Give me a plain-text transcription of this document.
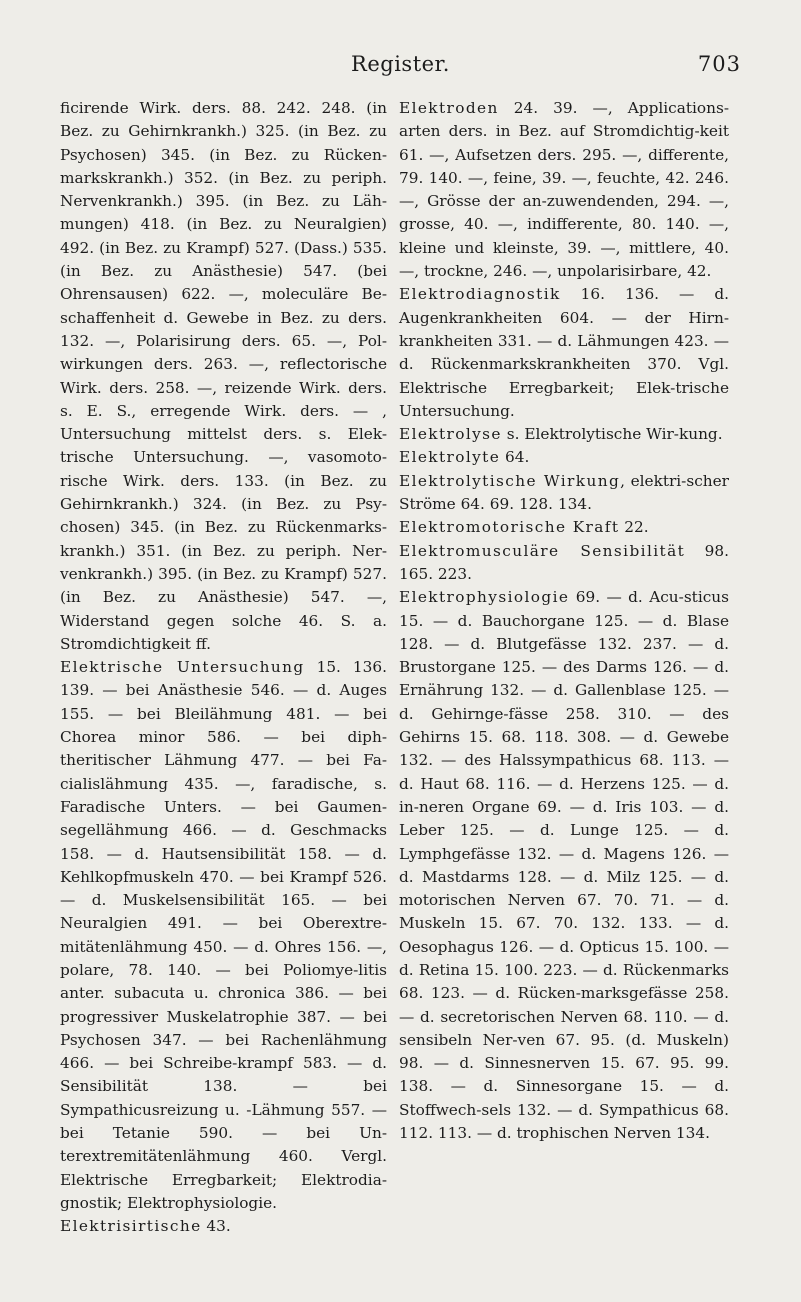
Register.	703

ficirende Wirk. ders. 88. 242. 248. (in Bez. zu Gehirnkrankh.) 325. (in Bez. zu Psychosen) 345. (in Bez. zu Rücken-markskrankh.) 352. (in Bez. zu periph. Nervenkrankh.) 395. (in Bez. zu Läh-mungen) 418. (in Bez. zu Neuralgien) 492. (in Bez. zu Krampf) 527. (Dass.) 535. (in Bez. zu Anästhesie) 547. (bei Ohrensausen) 622. —, moleculäre Be-schaffenheit d. Gewebe in Bez. zu ders. 132. —, Polarisirung ders. 65. —, Pol-wirkungen ders. 263. —, reflectorische Wirk. ders. 258. —, reizende Wirk. ders. s. E. S., erregende Wirk. ders. — , Untersuchung mittelst ders. s. Elek-trische Untersuchung. —, vasomoto-rische Wirk. ders. 133. (in Bez. zu Gehirnkrankh.) 324. (in Bez. zu Psy-chosen) 345. (in Bez. zu Rückenmarks-krankh.) 351. (in Bez. zu periph. Ner-venkrankh.) 395. (in Bez. zu Krampf) 527. (in Bez. zu Anästhesie) 547. —, Widerstand gegen solche 46. S. a. Stromdichtigkeit ff.

Elektrische Untersuchung 15. 136. 139. — bei Anästhesie 546. — d. Auges 155. — bei Bleilähmung 481. — bei Chorea minor 586. — bei diph-theritischer Lähmung 477. — bei Fa-cialislähmung 435. —, faradische, s. Faradische Unters. — bei Gaumen-segellähmung 466. — d. Geschmacks 158. — d. Hautsensibilität 158. — d. Kehlkopfmuskeln 470. — bei Krampf 526. — d. Muskelsensibilität 165. — bei Neuralgien 491. — bei Oberextre-mitätenlähmung 450. — d. Ohres 156. —, polare, 78. 140. — bei Poliomye-litis anter. subacuta u. chronica 386. — bei progressiver Muskelatrophie 387. — bei Psychosen 347. — bei Rachenlähmung 466. — bei Schreibe-krampf 583. — d. Sensibilität 138. — bei Sympathicusreizung u. -Lähmung 557. — bei Tetanie 590. — bei Un-terextremitätenlähmung 460. Vergl. Elektrische Erregbarkeit; Elektrodia-gnostik; Elektrophysiologie.

Elektrisirtische 43.

Elektroden 24. 39. —, Applications-arten ders. in Bez. auf Stromdichtig-keit 61. —, Aufsetzen ders. 295. —, differente, 79. 140. —, feine, 39. —, feuchte, 42. 246. —, Grösse der an-zuwendenden, 294. —, grosse, 40. —, indifferente, 80. 140. —, kleine und kleinste, 39. —, mittlere, 40. —, trockne, 246. —, unpolarisirbare, 42.

Elektrodiagnostik 16. 136. — d. Augenkrankheiten 604. — der Hirn-krankheiten 331. — d. Lähmungen 423. — d. Rückenmarkskrankheiten 370. Vgl. Elektrische Erregbarkeit; Elek-trische Untersuchung.

Elektrolyse s. Elektrolytische Wir-kung.

Elektrolyte 64.

Elektrolytische Wirkung, elektri-scher Ströme 64. 69. 128. 134.

Elektromotorische Kraft 22.

Elektromusculäre Sensibilität 98. 165. 223.

Elektrophysiologie 69. — d. Acu-sticus 15. — d. Bauchorgane 125. — d. Blase 128. — d. Blutgefässe 132. 237. — d. Brustorgane 125. — des Darms 126. — d. Ernährung 132. — d. Gallenblase 125. — d. Gehirnge-fässe 258. 310. — des Gehirns 15. 68. 118. 308. — d. Gewebe 132. — des Halssympathicus 68. 113. — d. Haut 68. 116. — d. Herzens 125. — d. in-neren Organe 69. — d. Iris 103. — d. Leber 125. — d. Lunge 125. — d. Lymphgefässe 132. — d. Magens 126. — d. Mastdarms 128. — d. Milz 125. — d. motorischen Nerven 67. 70. 71. — d. Muskeln 15. 67. 70. 132. 133. — d. Oesophagus 126. — d. Opticus 15. 100. — d. Retina 15. 100. 223. — d. Rückenmarks 68. 123. — d. Rücken-marksgefässe 258. — d. secretorischen Nerven 68. 110. — d. sensibeln Ner-ven 67. 95. (d. Muskeln) 98. — d. Sinnesnerven 15. 67. 95. 99. 138. — d. Sinnesorgane 15. — d. Stoffwech-sels 132. — d. Sympathicus 68. 112. 113. — d. trophischen Nerven 134.
